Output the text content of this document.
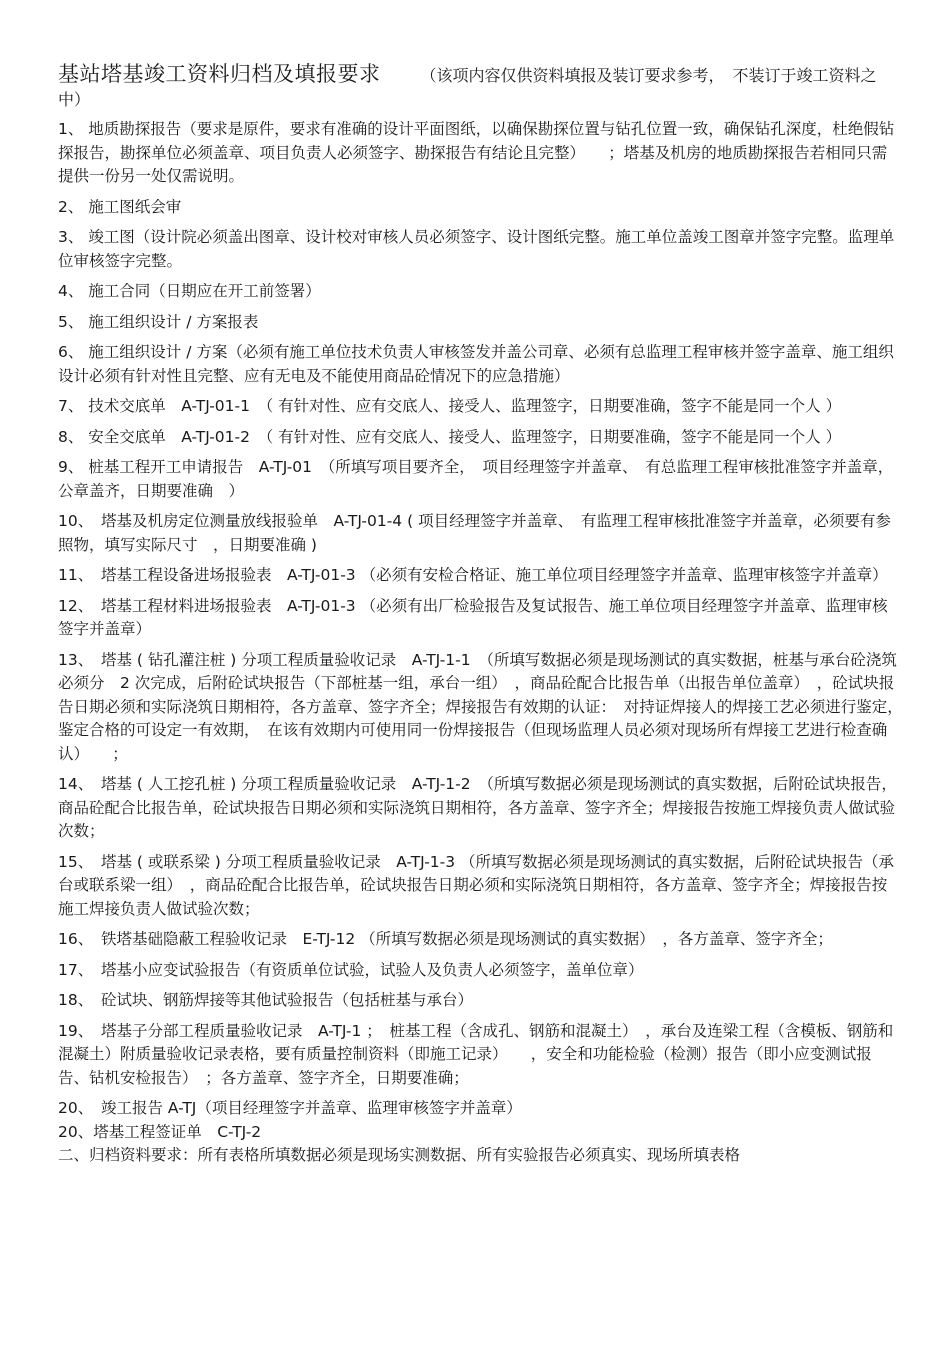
基站塔基竣工资料归档及填报要求	（该项内容仅供资料填报及装订要求参考，　不装订于竣工资料之中）
1、 地质勘探报告（要求是原件，要求有准确的设计平面图纸，以确保勘探位置与钻孔位置一致，确保钻孔深度，杜绝假钻探报告，勘探单位必须盖章、项目负责人必须签字、勘探报告有结论且完整）　　；塔基及机房的地质勘探报告若相同只需提供一份另一处仅需说明。
2、 施工图纸会审
3、 竣工图（设计院必须盖出图章、设计校对审核人员必须签字、设计图纸完整。施工单位盖竣工图章并签字完整。监理单位审核签字完整。
4、 施工合同（日期应在开工前签署）
5、 施工组织设计 / 方案报表
6、 施工组织设计 / 方案（必须有施工单位技术负责人审核签发并盖公司章、必须有总监理工程审核并签字盖章、施工组织设计必须有针对性且完整、应有无电及不能使用商品砼情况下的应急措施）
7、 技术交底单　A-TJ-01-1　（ 有针对性、应有交底人、接受人、监理签字，日期要准确，签字不能是同一个人 ）
8、 安全交底单　A-TJ-01-2　（ 有针对性、应有交底人、接受人、监理签字，日期要准确，签字不能是同一个人 ）
9、 桩基工程开工申请报告　A-TJ-01　（所填写项目要齐全，　项目经理签字并盖章、　有总监理工程审核批准签字并盖章，公章盖齐，日期要准确　）
10、　塔基及机房定位测量放线报验单　A-TJ-01-4 ( 项目经理签字并盖章、　有监理工程审核批准签字并盖章，必须要有参照物，填写实际尺寸　，日期要准确 )
11、　塔基工程设备进场报验表　A-TJ-01-3 （必须有安检合格证、施工单位项目经理签字并盖章、监理审核签字并盖章）
12、　塔基工程材料进场报验表　A-TJ-01-3 （必须有出厂检验报告及复试报告、施工单位项目经理签字并盖章、监理审核签字并盖章）
13、　塔基 ( 钻孔灌注桩 ) 分项工程质量验收记录　A-TJ-1-1　（所填写数据必须是现场测试的真实数据，桩基与承台砼浇筑必须分　2 次完成，后附砼试块报告（下部桩基一组，承台一组）　，商品砼配合比报告单（出报告单位盖章）　，砼试块报告日期必须和实际浇筑日期相符，各方盖章、签字齐全；焊接报告有效期的认证：　对持证焊接人的焊接工艺必须进行鉴定，　鉴定合格的可设定一有效期，　在该有效期内可使用同一份焊接报告（但现场监理人员必须对现场所有焊接工艺进行检查确认）　　；
14、　塔基 ( 人工挖孔桩 ) 分项工程质量验收记录　A-TJ-1-2　（所填写数据必须是现场测试的真实数据，后附砼试块报告，商品砼配合比报告单，砼试块报告日期必须和实际浇筑日期相符，各方盖章、签字齐全；焊接报告按施工焊接负责人做试验次数；
15、　塔基 ( 或联系梁 ) 分项工程质量验收记录　A-TJ-1-3 （所填写数据必须是现场测试的真实数据，后附砼试块报告（承台或联系梁一组）　，商品砼配合比报告单，砼试块报告日期必须和实际浇筑日期相符，各方盖章、签字齐全；焊接报告按施工焊接负责人做试验次数；
16、　铁塔基础隐蔽工程验收记录　E-TJ-12 （所填写数据必须是现场测试的真实数据）　，各方盖章、签字齐全；
17、　塔基小应变试验报告（有资质单位试验，试验人及负责人必须签字，盖单位章）
18、　砼试块、钢筋焊接等其他试验报告（包括桩基与承台）
19、　塔基子分部工程质量验收记录　A-TJ-1 ；　桩基工程（含成孔、钢筋和混凝土）　，承台及连梁工程（含模板、钢筋和混凝土）附质量验收记录表格，要有质量控制资料（即施工记录）　　，安全和功能检验（检测）报告（即小应变测试报告、钻机安检报告）　；各方盖章、签字齐全，日期要准确；
20、　竣工报告 A-TJ（项目经理签字并盖章、监理审核签字并盖章）
20、塔基工程签证单　C-TJ-2
二、归档资料要求：所有表格所填数据必须是现场实测数据、所有实验报告必须真实、现场所填表格
